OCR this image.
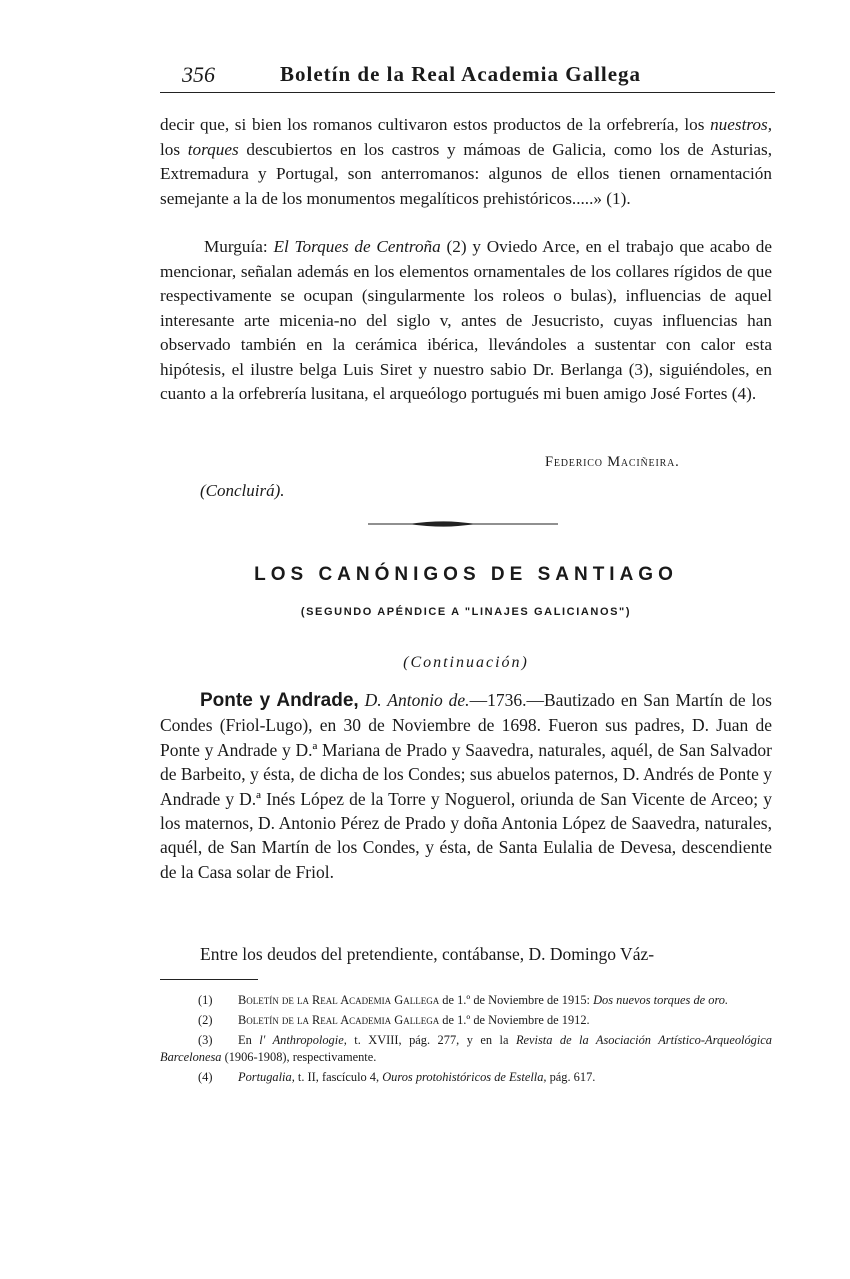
356	Boletín de la Real Academia Gallega
decir que, si bien los romanos cultivaron estos productos de la orfebrería, los nuestros, los torques descubiertos en los castros y mámoas de Galicia, como los de Asturias, Extremadura y Portugal, son anterromanos: algunos de ellos tienen ornamentación semejante a la de los monumentos megalíticos prehistóricos.....» (1).
Murguía: El Torques de Centroña (2) y Oviedo Arce, en el trabajo que acabo de mencionar, señalan además en los elementos ornamentales de los collares rígidos de que respectivamente se ocupan (singularmente los roleos o bulas), influencias de aquel interesante arte micenia-no del siglo v, antes de Jesucristo, cuyas influencias han observado también en la cerámica ibérica, llevándoles a sustentar con calor esta hipótesis, el ilustre belga Luis Siret y nuestro sabio Dr. Berlanga (3), siguiéndoles, en cuanto a la orfebrería lusitana, el arqueólogo portugués mi buen amigo José Fortes (4).
Federico Maciñeira.
(Concluirá).
LOS CANÓNIGOS DE SANTIAGO
(SEGUNDO APÉNDICE A "LINAJES GALICIANOS")
(Continuación)
Ponte y Andrade, D. Antonio de.—1736.—Bautizado en San Martín de los Condes (Friol-Lugo), en 30 de Noviembre de 1698. Fueron sus padres, D. Juan de Ponte y Andrade y D.ª Mariana de Prado y Saavedra, naturales, aquél, de San Salvador de Barbeito, y ésta, de dicha de los Condes; sus abuelos paternos, D. Andrés de Ponte y Andrade y D.ª Inés López de la Torre y Noguerol, oriunda de San Vicente de Arceo; y los maternos, D. Antonio Pérez de Prado y doña Antonia López de Saavedra, naturales, aquél, de San Martín de los Condes, y ésta, de Santa Eulalia de Devesa, descendiente de la Casa solar de Friol.
Entre los deudos del pretendiente, contábanse, D. Domingo Váz-
(1) Boletín de la Real Academia Gallega de 1.º de Noviembre de 1915: Dos nuevos torques de oro.
(2) Boletín de la Real Academia Gallega de 1.º de Noviembre de 1912.
(3) En l' Anthropologie, t. XVIII, pág. 277, y en la Revista de la Asociación Artístico-Arqueológica Barcelonesa (1906-1908), respectivamente.
(4) Portugalia, t. II, fascículo 4, Ouros protohistóricos de Estella, pág. 617.
